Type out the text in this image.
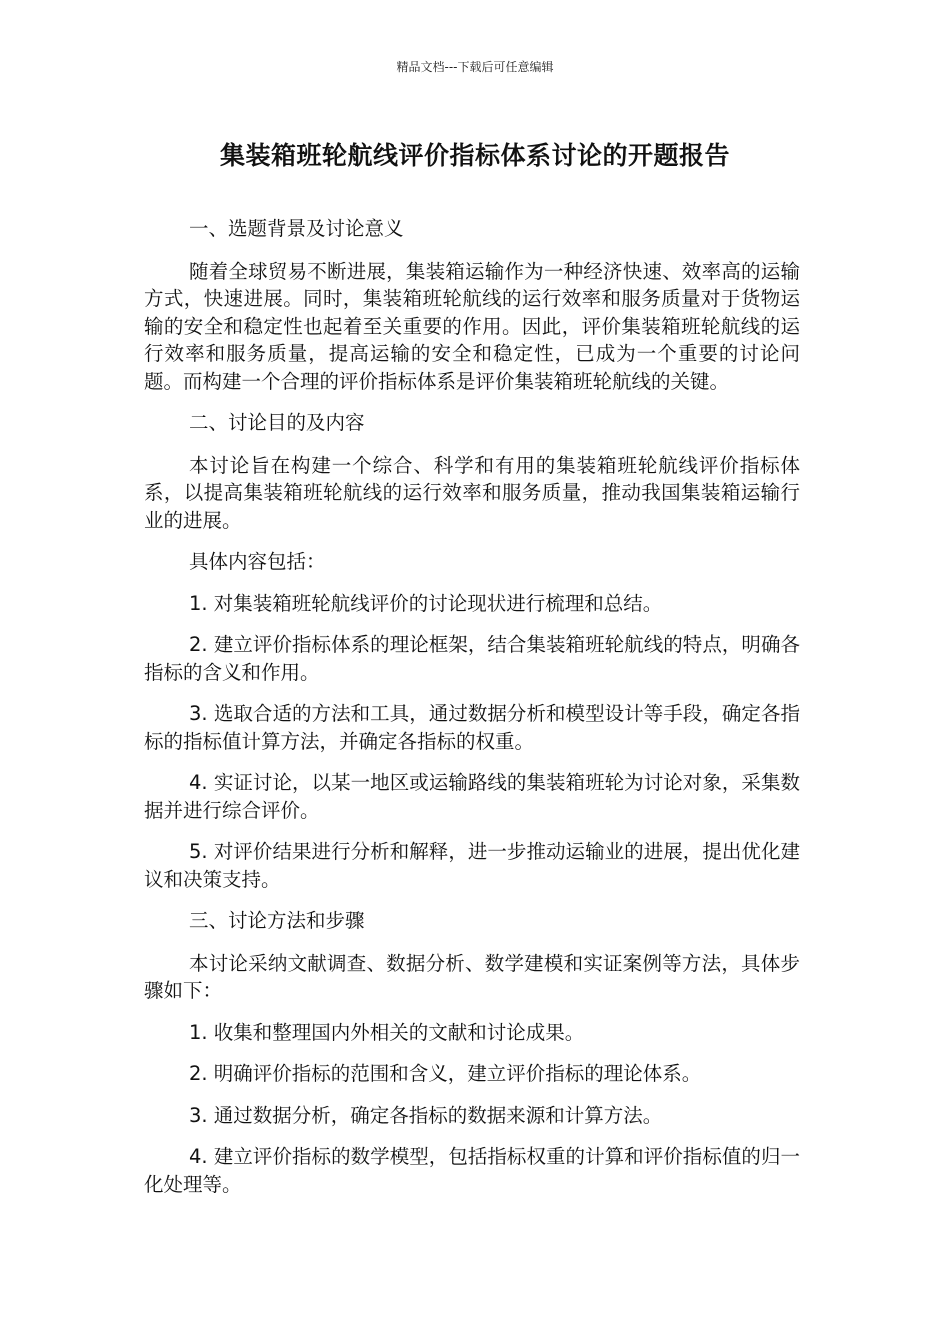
精品文档---下载后可任意编辑
集装箱班轮航线评价指标体系讨论的开题报告

一、选题背景及讨论意义

随着全球贸易不断进展，集装箱运输作为一种经济快速、效率高的运输方式，快速进展。同时，集装箱班轮航线的运行效率和服务质量对于货物运输的安全和稳定性也起着至关重要的作用。因此，评价集装箱班轮航线的运行效率和服务质量，提高运输的安全和稳定性，已成为一个重要的讨论问题。而构建一个合理的评价指标体系是评价集装箱班轮航线的关键。

二、讨论目的及内容

本讨论旨在构建一个综合、科学和有用的集装箱班轮航线评价指标体系，以提高集装箱班轮航线的运行效率和服务质量，推动我国集装箱运输行业的进展。

具体内容包括：

1. 对集装箱班轮航线评价的讨论现状进行梳理和总结。

2. 建立评价指标体系的理论框架，结合集装箱班轮航线的特点，明确各指标的含义和作用。

3. 选取合适的方法和工具，通过数据分析和模型设计等手段，确定各指标的指标值计算方法，并确定各指标的权重。

4. 实证讨论，以某一地区或运输路线的集装箱班轮为讨论对象，采集数据并进行综合评价。

5. 对评价结果进行分析和解释，进一步推动运输业的进展，提出优化建议和决策支持。

三、讨论方法和步骤

本讨论采纳文献调查、数据分析、数学建模和实证案例等方法，具体步骤如下：

1. 收集和整理国内外相关的文献和讨论成果。

2. 明确评价指标的范围和含义，建立评价指标的理论体系。

3. 通过数据分析，确定各指标的数据来源和计算方法。

4. 建立评价指标的数学模型，包括指标权重的计算和评价指标值的归一化处理等。
